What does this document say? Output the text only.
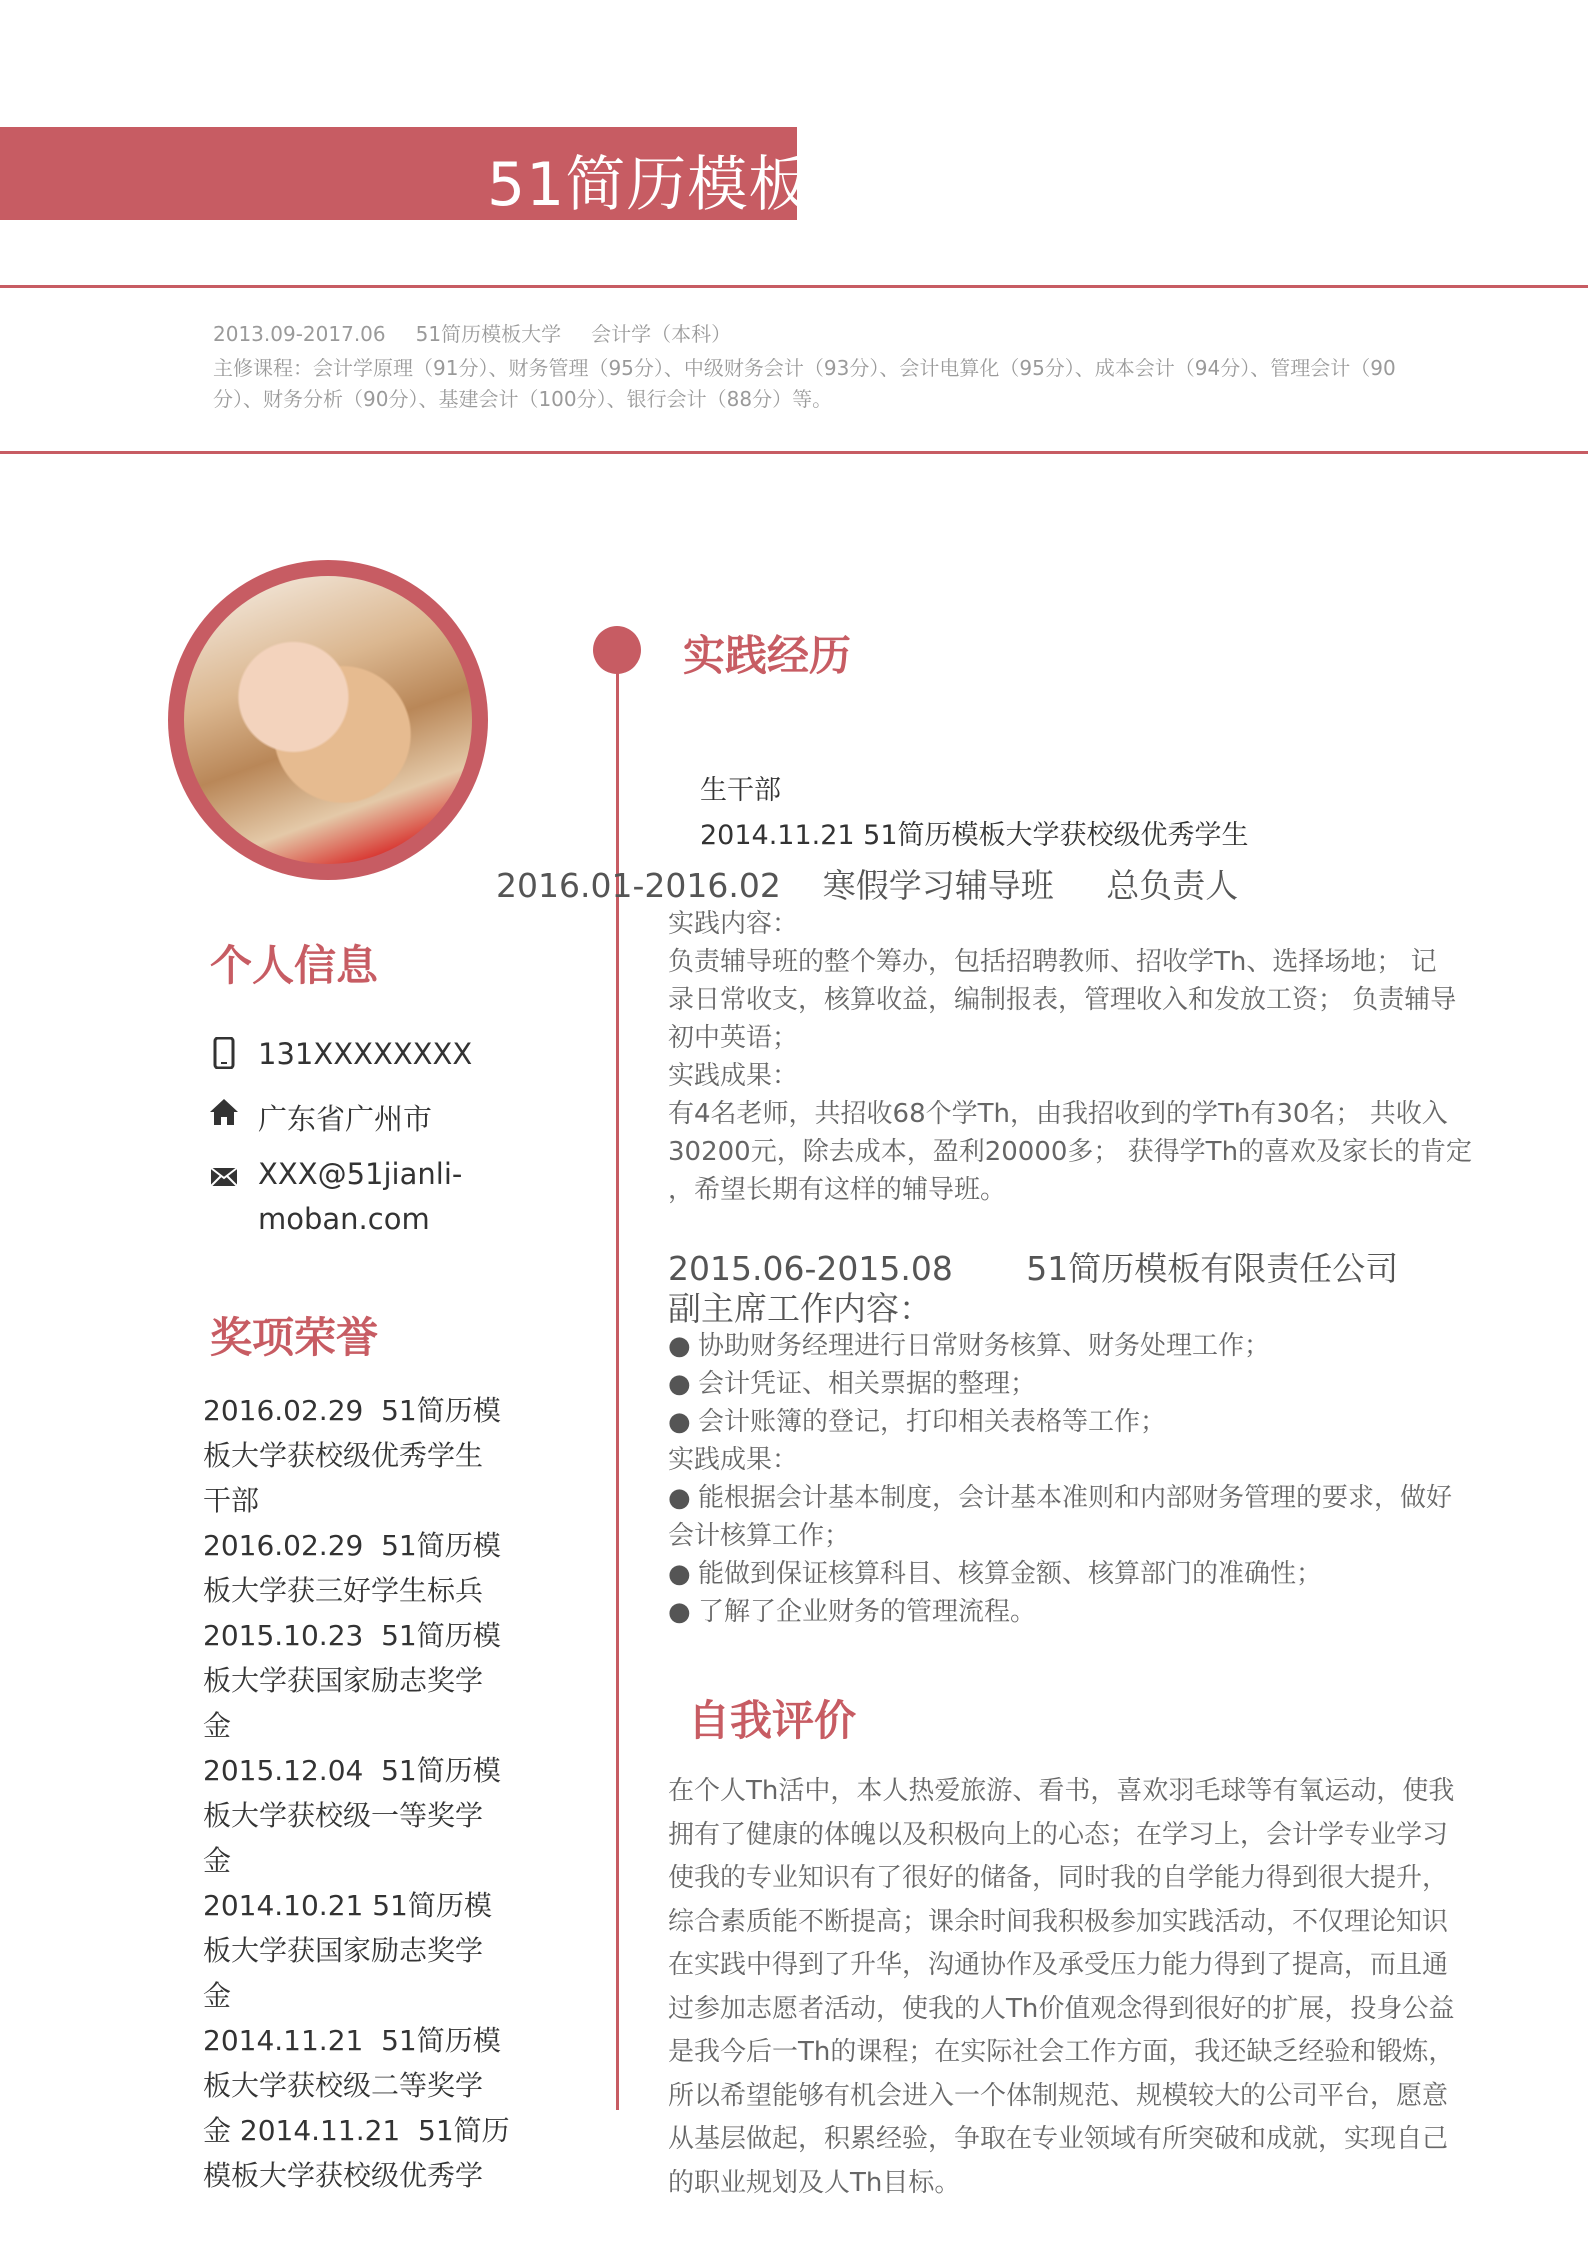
51简历模板
2013.09-2017.06 51简历模板大学 会计学（本科）
主修课程：会计学原理（91分）、财务管理（95分）、中级财务会计（93分）、会计电算化（95分）、成本会计（94分）、管理会计（90
分）、财务分析（90分）、基建会计（100分）、银行会计（88分）等。
个人信息
131XXXXXXXX
广东省广州市
XXX@51jianli-
moban.com
奖项荣誉
2016.02.29  51简历模
板大学获校级优秀学生
干部
2016.02.29  51简历模
板大学获三好学生标兵
2015.10.23  51简历模
板大学获国家励志奖学
金
2015.12.04  51简历模
板大学获校级一等奖学
金
2014.10.21 51简历模
板大学获国家励志奖学
金
2014.11.21  51简历模
板大学获校级二等奖学
金 2014.11.21  51简历
模板大学获校级优秀学
实践经历
生干部
2014.11.21 51简历模板大学获校级优秀学生
2016.01-2016.02    寒假学习辅导班     总负责人
实践内容：
负责辅导班的整个筹办，包括招聘教师、招收学Th、选择场地； 记
录日常收支，核算收益，编制报表，管理收入和发放工资； 负责辅导
初中英语；
实践成果：
有4名老师，共招收68个学Th，由我招收到的学Th有30名； 共收入
30200元，除去成本，盈利20000多； 获得学Th的喜欢及家长的肯定
，希望长期有这样的辅导班。
2015.06-2015.08       51简历模板有限责任公司
副主席工作内容：
● 协助财务经理进行日常财务核算、财务处理工作；
● 会计凭证、相关票据的整理；
● 会计账簿的登记，打印相关表格等工作；
实践成果：
● 能根据会计基本制度，会计基本准则和内部财务管理的要求，做好
会计核算工作；
● 能做到保证核算科目、核算金额、核算部门的准确性；
● 了解了企业财务的管理流程。
自我评价
在个人Th活中，本人热爱旅游、看书，喜欢羽毛球等有氧运动，使我
拥有了健康的体魄以及积极向上的心态；在学习上，会计学专业学习
使我的专业知识有了很好的储备，同时我的自学能力得到很大提升，
综合素质能不断提高；课余时间我积极参加实践活动，不仅理论知识
在实践中得到了升华，沟通协作及承受压力能力得到了提高，而且通
过参加志愿者活动，使我的人Th价值观念得到很好的扩展，投身公益
是我今后一Th的课程；在实际社会工作方面，我还缺乏经验和锻炼，
所以希望能够有机会进入一个体制规范、规模较大的公司平台，愿意
从基层做起，积累经验，争取在专业领域有所突破和成就，实现自己
的职业规划及人Th目标。
